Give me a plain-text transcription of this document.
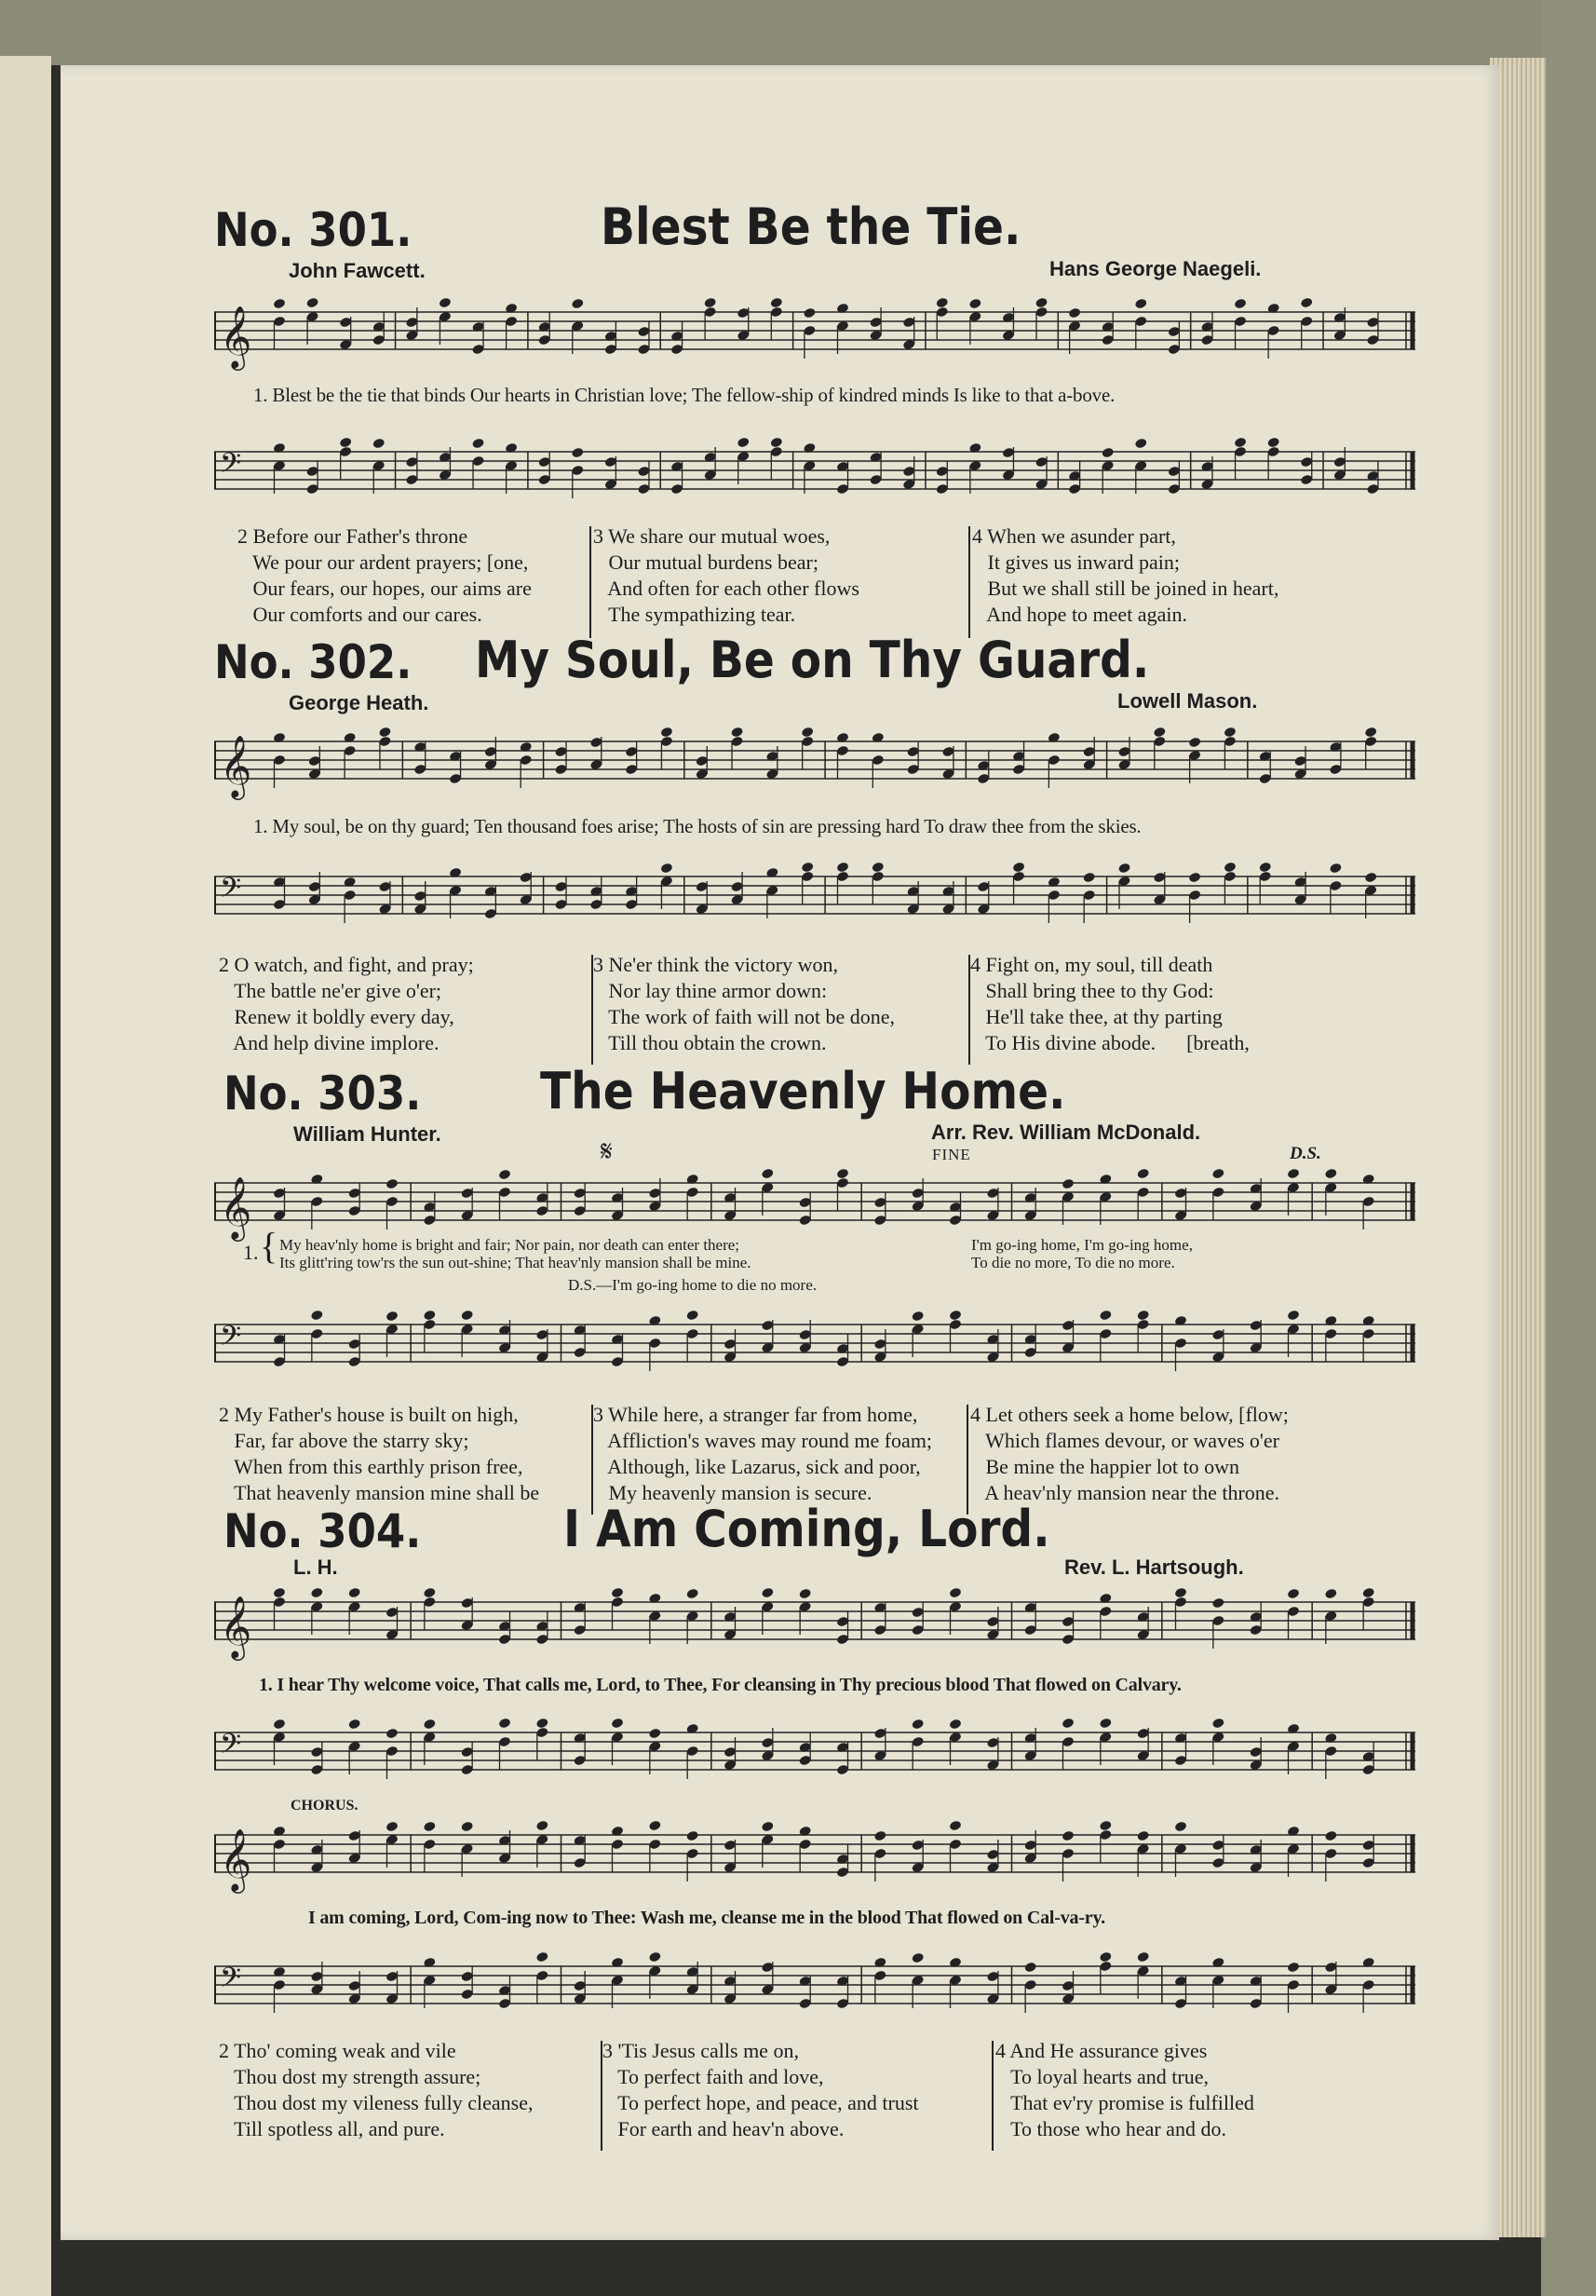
No. 301.	Blest Be the Tie.
John Fawcett.	Hans George Naegeli.
𝄞
1. Blest be the tie that binds Our hearts in Christian love; The fellow-ship of kindred minds Is like to that a-bove.
𝄢
2 Before our Father's throne
We pour our ardent prayers; [one,
Our fears, our hopes, our aims are
Our comforts and our cares.
3 We share our mutual woes,
Our mutual burdens bear;
And often for each other flows
The sympathizing tear.
4 When we asunder part,
It gives us inward pain;
But we shall still be joined in heart,
And hope to meet again.
No. 302. My Soul, Be on Thy Guard.
George Heath.	Lowell Mason.
𝄞
1. My soul, be on thy guard; Ten thousand foes arise; The hosts of sin are pressing hard To draw thee from the skies.
𝄢
2 O watch, and fight, and pray;
The battle ne'er give o'er;
Renew it boldly every day,
And help divine implore.
3 Ne'er think the victory won,
Nor lay thine armor down:
The work of faith will not be done,
Till thou obtain the crown.
4 Fight on, my soul, till death
Shall bring thee to thy God:
He'll take thee, at thy parting
To His divine abode.      [breath,
No. 303. The Heavenly Home.
William Hunter.	Arr. Rev. William McDonald.
𝄋	FINE	D.S.
𝄞
1. { My heav'nly home is bright and fair; Nor pain, nor death can enter there;
Its glitt'ring tow'rs the sun out-shine; That heav'nly mansion shall be mine.
I'm go-ing home, I'm go-ing home,
To die no more, To die no more.
D.S.—I'm go-ing home to die no more.
𝄢
2 My Father's house is built on high,
Far, far above the starry sky;
When from this earthly prison free,
That heavenly mansion mine shall be
3 While here, a stranger far from home,
Affliction's waves may round me foam;
Although, like Lazarus, sick and poor,
My heavenly mansion is secure.
4 Let others seek a home below, [flow;
Which flames devour, or waves o'er
Be mine the happier lot to own
A heav'nly mansion near the throne.
No. 304.	I Am Coming, Lord.
L. H.	Rev. L. Hartsough.
𝄞
1. I hear Thy welcome voice, That calls me, Lord, to Thee, For cleansing in Thy precious blood That flowed on Calvary.
𝄢
CHORUS.
𝄞
I am coming, Lord, Com-ing now to Thee: Wash me, cleanse me in the blood That flowed on Cal-va-ry.
𝄢
2 Tho' coming weak and vile
Thou dost my strength assure;
Thou dost my vileness fully cleanse,
Till spotless all, and pure.
3 'Tis Jesus calls me on,
To perfect faith and love,
To perfect hope, and peace, and trust
For earth and heav'n above.
4 And He assurance gives
To loyal hearts and true,
That ev'ry promise is fulfilled
To those who hear and do.
